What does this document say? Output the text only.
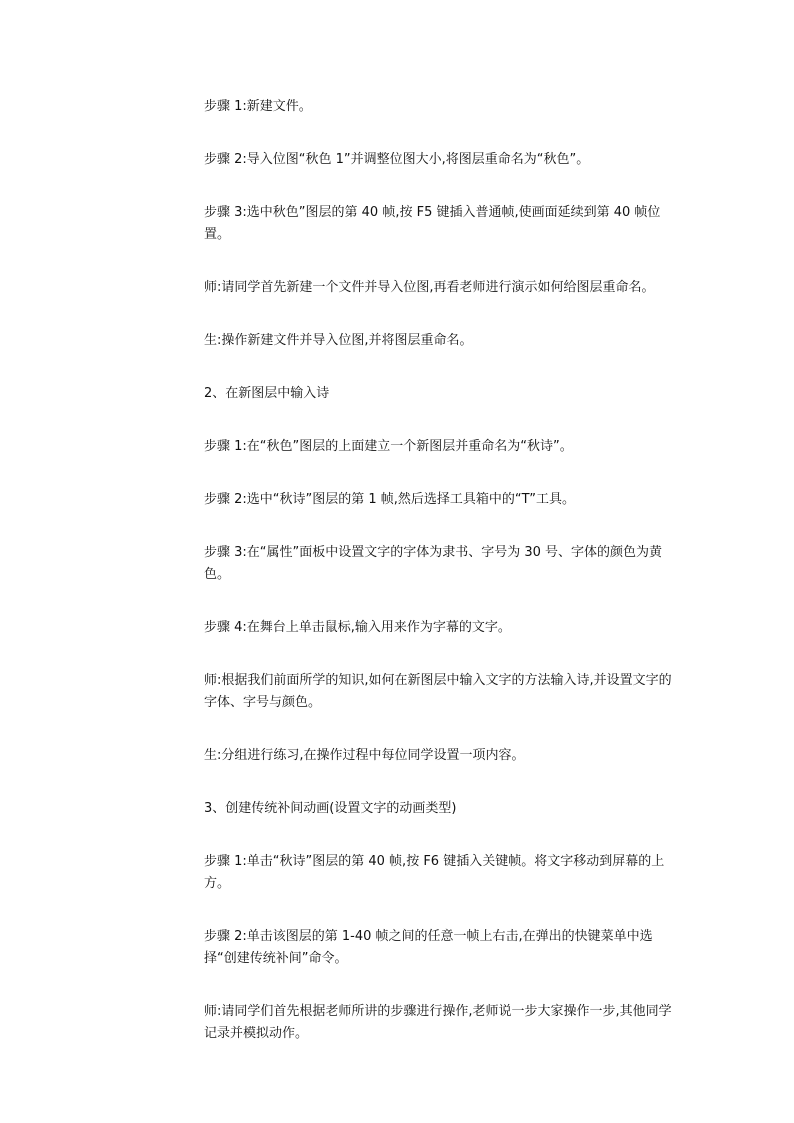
步骤 1:新建文件。

步骤 2:导入位图“秋色 1”并调整位图大小,将图层重命名为“秋色”。

步骤 3:选中秋色”图层的第 40 帧,按 F5 键插入普通帧,使画面延续到第 40 帧位置。

师:请同学首先新建一个文件并导入位图,再看老师进行演示如何给图层重命名。

生:操作新建文件并导入位图,并将图层重命名。

2、在新图层中输入诗

步骤 1:在“秋色”图层的上面建立一个新图层并重命名为“秋诗”。

步骤 2:选中“秋诗”图层的第 1 帧,然后选择工具箱中的“T”工具。

步骤 3:在“属性”面板中设置文字的字体为隶书、字号为 30 号、字体的颜色为黄色。

步骤 4:在舞台上单击鼠标,输入用来作为字幕的文字。

师:根据我们前面所学的知识,如何在新图层中输入文字的方法输入诗,并设置文字的字体、字号与颜色。

生:分组进行练习,在操作过程中每位同学设置一项内容。

3、创建传统补间动画(设置文字的动画类型)

步骤 1:单击“秋诗”图层的第 40 帧,按 F6 键插入关键帧。将文字移动到屏幕的上方。

步骤 2:单击该图层的第 1-40 帧之间的任意一帧上右击,在弹出的快键菜单中选择“创建传统补间”命令。

师:请同学们首先根据老师所讲的步骤进行操作,老师说一步大家操作一步,其他同学记录并模拟动作。
